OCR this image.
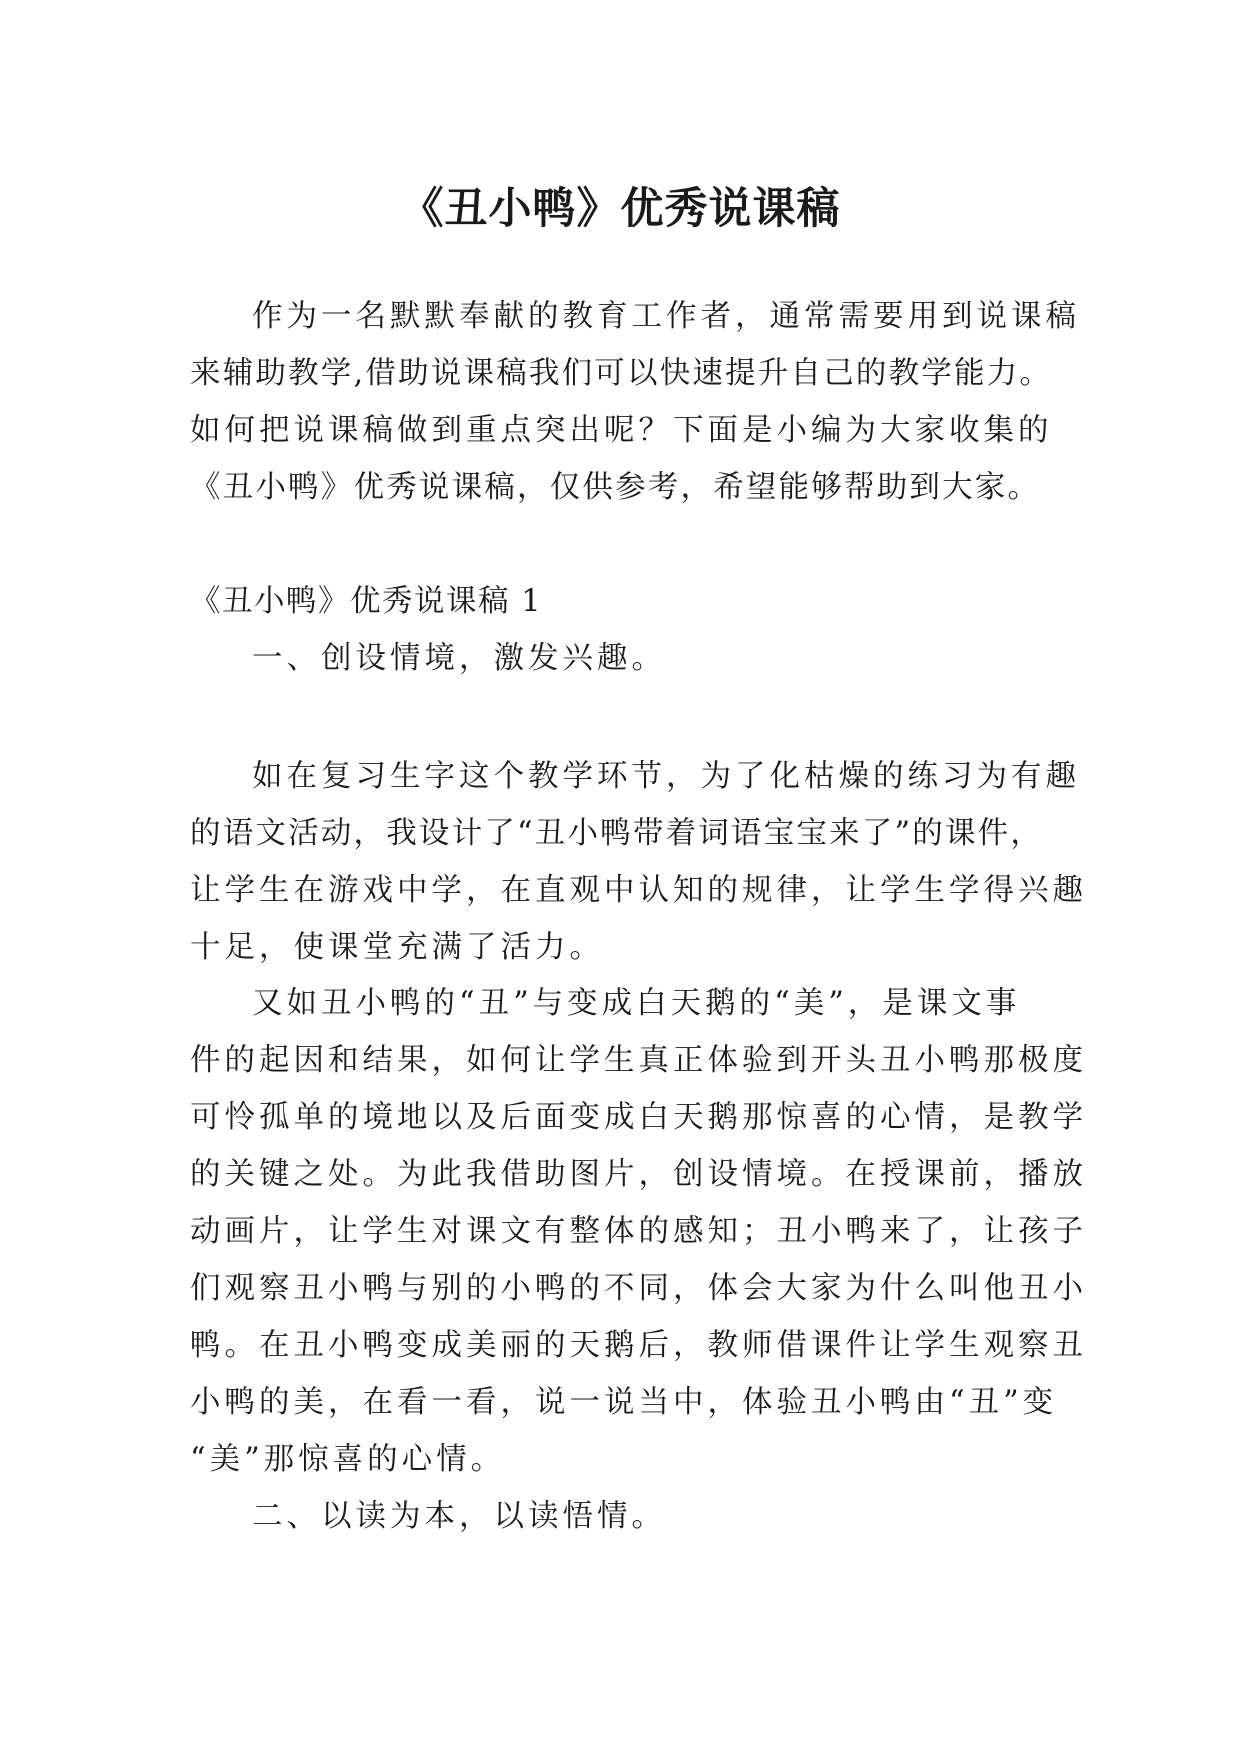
《丑小鸭》优秀说课稿

作为一名默默奉献的教育工作者，通常需要用到说课稿
来辅助教学,借助说课稿我们可以快速提升自己的教学能力。
如何把说课稿做到重点突出呢？下面是小编为大家收集的
《丑小鸭》优秀说课稿，仅供参考，希望能够帮助到大家。

《丑小鸭》优秀说课稿 1

一、创设情境，激发兴趣。

如在复习生字这个教学环节，为了化枯燥的练习为有趣
的语文活动，我设计了“丑小鸭带着词语宝宝来了”的课件，
让学生在游戏中学，在直观中认知的规律，让学生学得兴趣
十足，使课堂充满了活力。

又如丑小鸭的“丑”与变成白天鹅的“美”，是课文事
件的起因和结果，如何让学生真正体验到开头丑小鸭那极度
可怜孤单的境地以及后面变成白天鹅那惊喜的心情，是教学
的关键之处。为此我借助图片，创设情境。在授课前，播放
动画片，让学生对课文有整体的感知；丑小鸭来了，让孩子
们观察丑小鸭与别的小鸭的不同，体会大家为什么叫他丑小
鸭。在丑小鸭变成美丽的天鹅后，教师借课件让学生观察丑
小鸭的美，在看一看，说一说当中，体验丑小鸭由“丑”变
“美”那惊喜的心情。

二、以读为本，以读悟情。
